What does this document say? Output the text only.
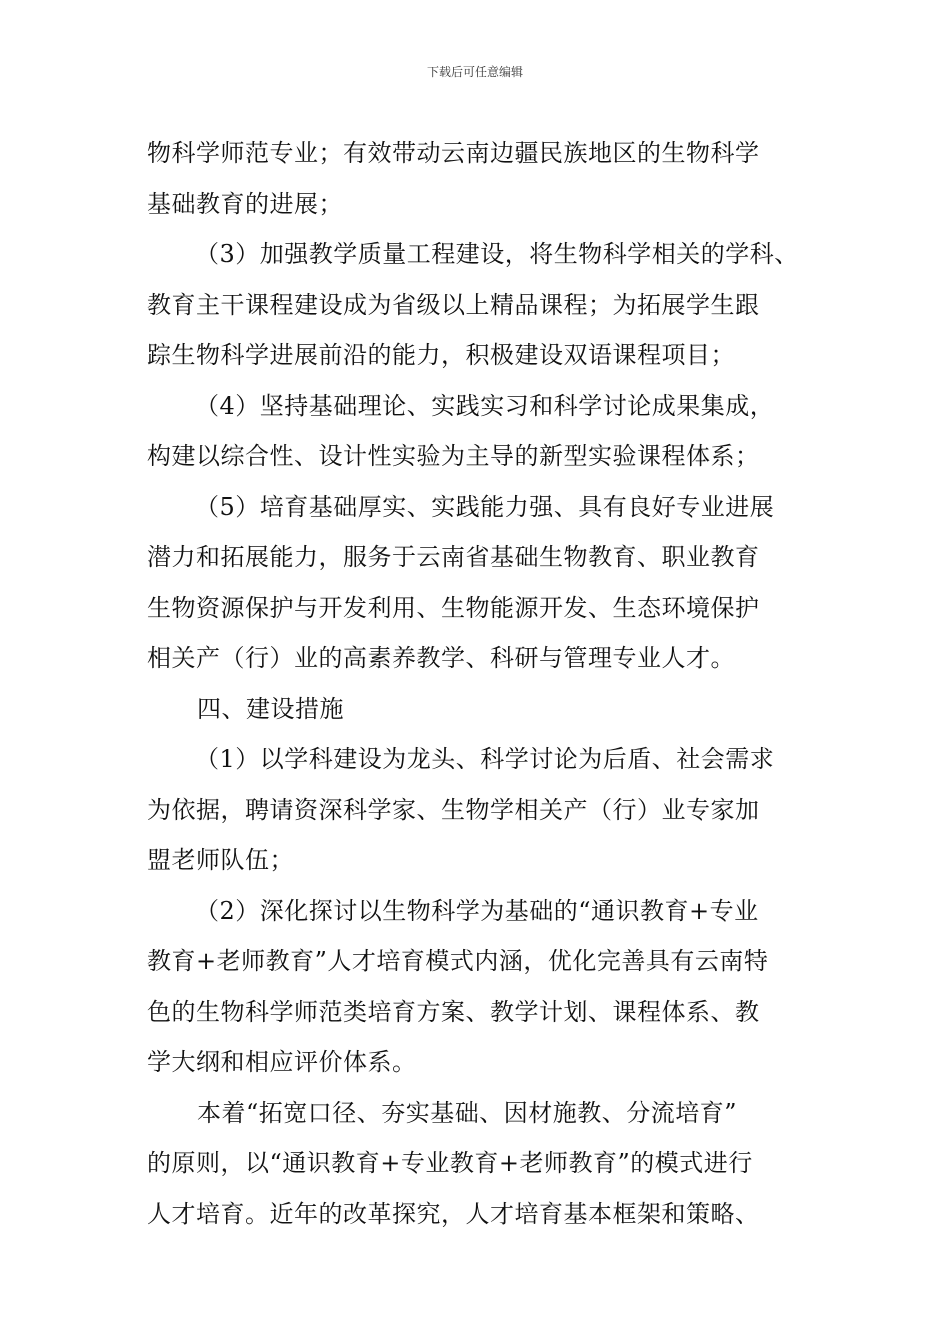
下载后可任意编辑
物科学师范专业；有效带动云南边疆民族地区的生物科学
基础教育的进展；
（3）加强教学质量工程建设，将生物科学相关的学科、
教育主干课程建设成为省级以上精品课程；为拓展学生跟
踪生物科学进展前沿的能力，积极建设双语课程项目；
（4）坚持基础理论、实践实习和科学讨论成果集成，
构建以综合性、设计性实验为主导的新型实验课程体系；
（5）培育基础厚实、实践能力强、具有良好专业进展
潜力和拓展能力，服务于云南省基础生物教育、职业教育
生物资源保护与开发利用、生物能源开发、生态环境保护
相关产（行）业的高素养教学、科研与管理专业人才。
四、建设措施
（1）以学科建设为龙头、科学讨论为后盾、社会需求
为依据，聘请资深科学家、生物学相关产（行）业专家加
盟老师队伍；
（2）深化探讨以生物科学为基础的“通识教育+专业
教育+老师教育”人才培育模式内涵，优化完善具有云南特
色的生物科学师范类培育方案、教学计划、课程体系、教
学大纲和相应评价体系。
本着“拓宽口径、夯实基础、因材施教、分流培育”
的原则，以“通识教育+专业教育+老师教育”的模式进行
人才培育。近年的改革探究，人才培育基本框架和策略、
